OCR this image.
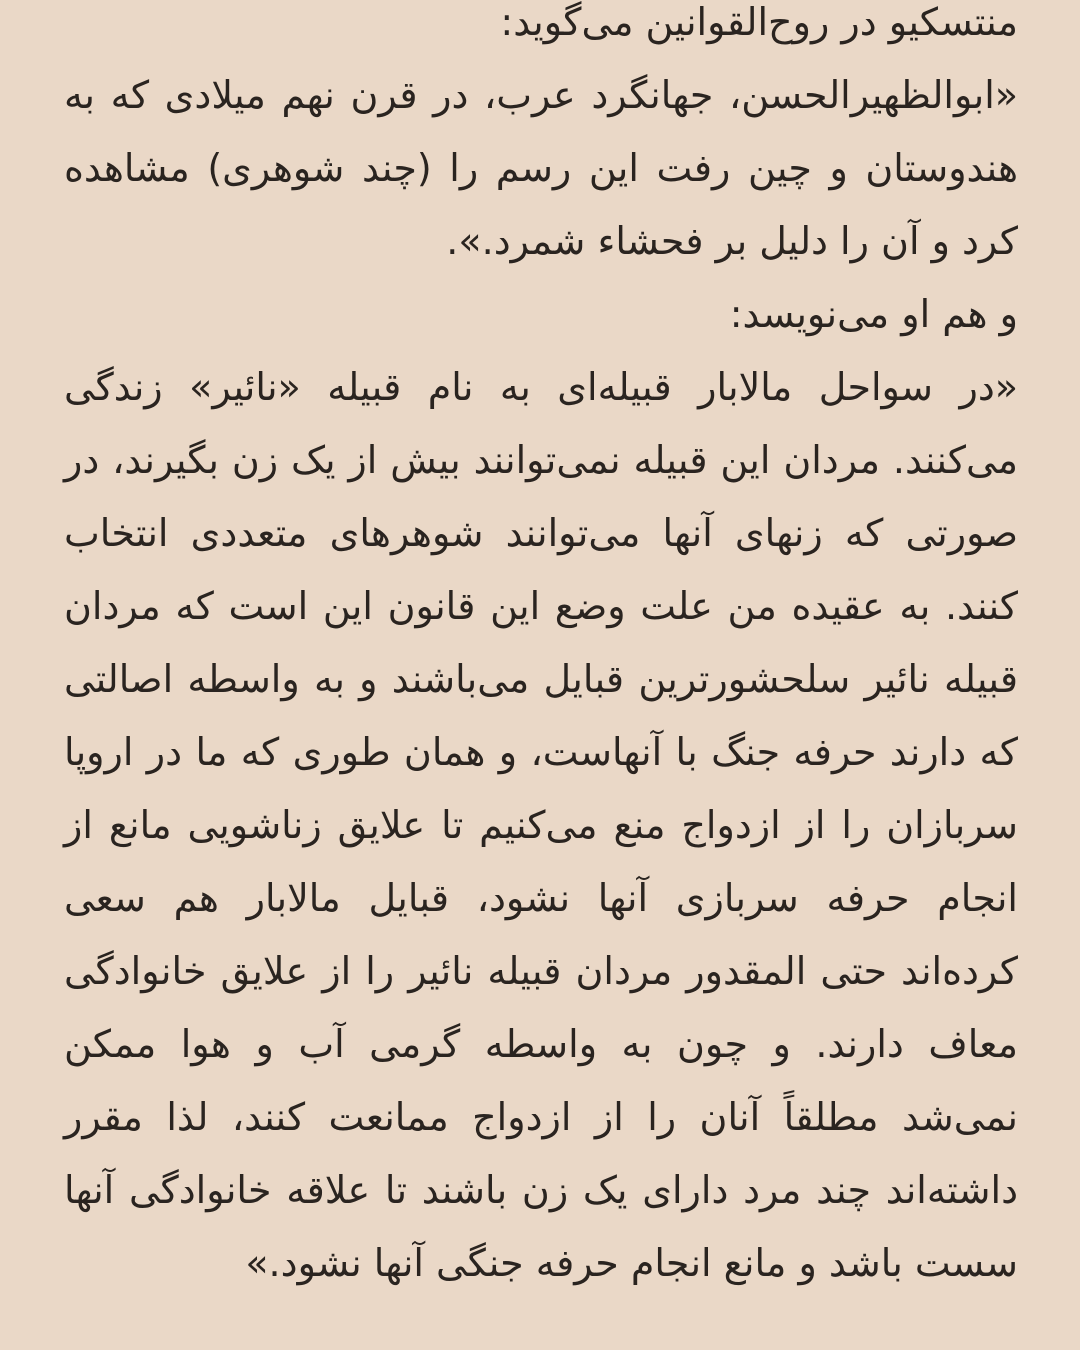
منتسکیو در روح‌القوانین می‌گوید:

«ابوالظهیرالحسن، جهانگرد عرب، در قرن نهم میلادی که به هندوستان و چین رفت این رسم را (چند شوهری) مشاهده کرد و آن را دلیل بر فحشاء شمرد.».

و هم او می‌نویسد:

«در سواحل مالابار قبیله‌ای به نام قبیله «نائیر» زندگی می‌کنند. مردان این قبیله نمی‌توانند بیش از یک زن بگیرند، در صورتی که زنهای آنها می‌توانند شوهرهای متعددی انتخاب کنند. به عقیده من علت وضع این قانون این است که مردان قبیله نائیر سلحشورترین قبایل می‌باشند و به واسطه اصالتی که دارند حرفه جنگ با آنهاست، و همان طوری که ما در اروپا سربازان را از ازدواج منع می‌کنیم تا علایق زناشویی مانع از انجام حرفه سربازی آنها نشود، قبایل مالابار هم سعی کرده‌اند حتی المقدور مردان قبیله نائیر را از علایق خانوادگی معاف دارند. و چون به واسطه گرمی آب و هوا ممکن نمی‌شد مطلقاً آنان را از ازدواج ممانعت کنند، لذا مقرر داشته‌اند چند مرد دارای یک زن باشند تا علاقه خانوادگی آنها سست باشد و مانع انجام حرفه جنگی آنها نشود.»
